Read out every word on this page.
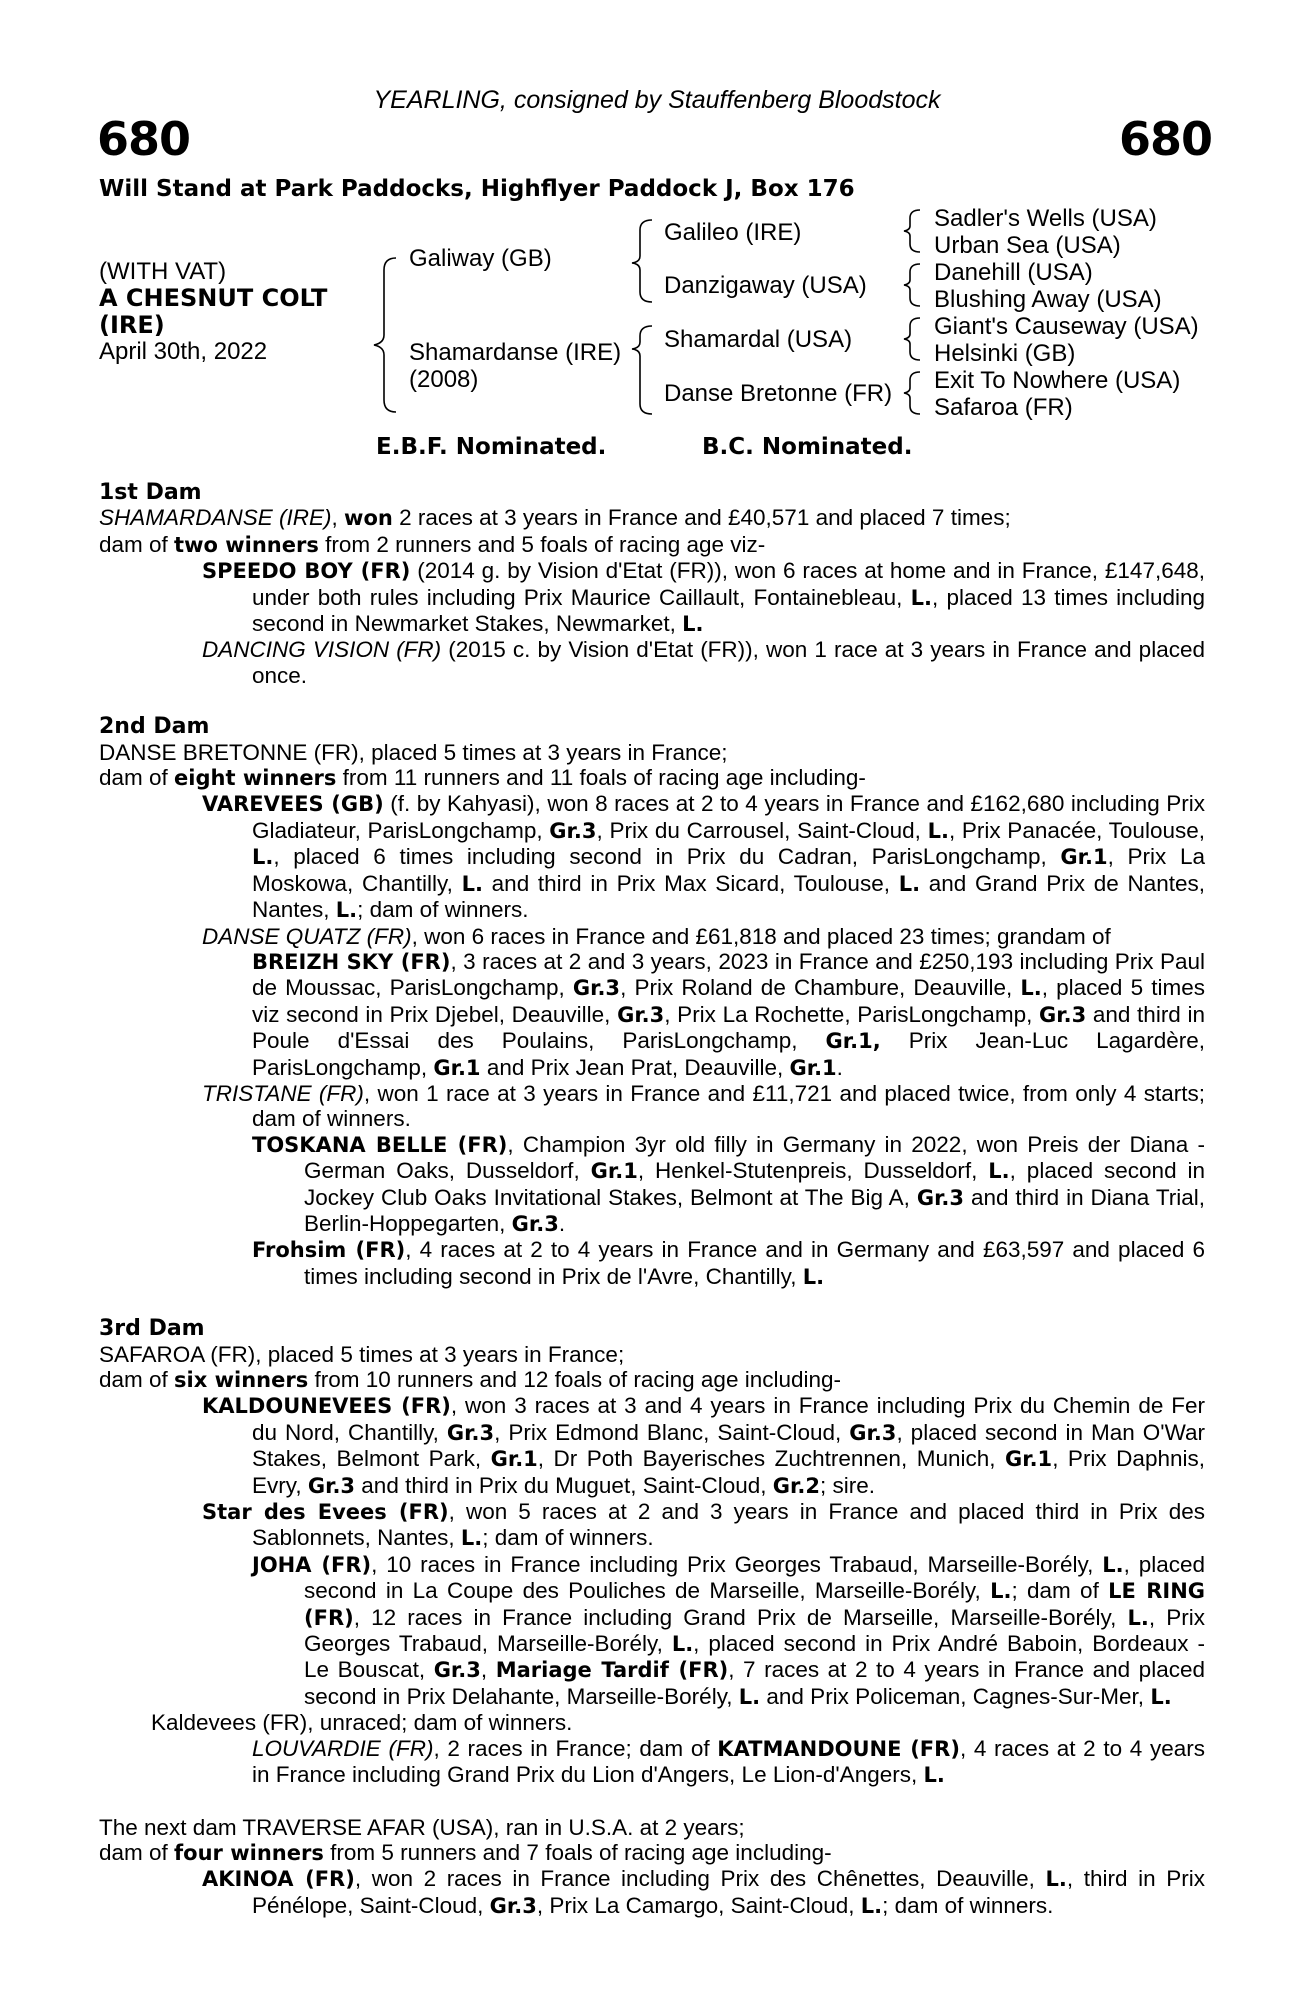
YEARLING, consigned by Stauffenberg Bloodstock
680	680
Will Stand at Park Paddocks, Highflyer Paddock J, Box 176
(WITH VAT)
A CHESNUT COLT
(IRE)
April 30th, 2022
Galiway (GB)
Shamardanse (IRE)
(2008)
Galileo (IRE)
Danzigaway (USA)
Shamardal (USA)
Danse Bretonne (FR)
Sadler's Wells (USA)
Urban Sea (USA)
Danehill (USA)
Blushing Away (USA)
Giant's Causeway (USA)
Helsinki (GB)
Exit To Nowhere (USA)
Safaroa (FR)
E.B.F. Nominated.	B.C. Nominated.
1st Dam

SHAMARDANSE (IRE), won 2 races at 3 years in France and £40,571 and placed 7 times;

dam of two winners from 2 runners and 5 foals of racing age viz-

SPEEDO BOY (FR) (2014 g. by Vision d'Etat (FR)), won 6 races at home and in France, £147,648, under both rules including Prix Maurice Caillault, Fontainebleau, L., placed 13 times including second in Newmarket Stakes, Newmarket, L.

DANCING VISION (FR) (2015 c. by Vision d'Etat (FR)), won 1 race at 3 years in France and placed once.

2nd Dam

DANSE BRETONNE (FR), placed 5 times at 3 years in France;

dam of eight winners from 11 runners and 11 foals of racing age including-

VAREVEES (GB) (f. by Kahyasi), won 8 races at 2 to 4 years in France and £162,680 including Prix Gladiateur, ParisLongchamp, Gr.3, Prix du Carrousel, Saint-Cloud, L., Prix Panacée, Toulouse, L., placed 6 times including second in Prix du Cadran, ParisLongchamp, Gr.1, Prix La Moskowa, Chantilly, L. and third in Prix Max Sicard, Toulouse, L. and Grand Prix de Nantes, Nantes, L.; dam of winners.

DANSE QUATZ (FR), won 6 races in France and £61,818 and placed 23 times; grandam of

BREIZH SKY (FR), 3 races at 2 and 3 years, 2023 in France and £250,193 including Prix Paul de Moussac, ParisLongchamp, Gr.3, Prix Roland de Chambure, Deauville, L., placed 5 times viz second in Prix Djebel, Deauville, Gr.3, Prix La Rochette, ParisLongchamp, Gr.3 and third in Poule d'Essai des Poulains, ParisLongchamp, Gr.1, Prix Jean-Luc Lagardère, ParisLongchamp, Gr.1 and Prix Jean Prat, Deauville, Gr.1.

TRISTANE (FR), won 1 race at 3 years in France and £11,721 and placed twice, from only 4 starts; dam of winners.

TOSKANA BELLE (FR), Champion 3yr old filly in Germany in 2022, won Preis der Diana - German Oaks, Dusseldorf, Gr.1, Henkel-Stutenpreis, Dusseldorf, L., placed second in Jockey Club Oaks Invitational Stakes, Belmont at The Big A, Gr.3 and third in Diana Trial, Berlin-Hoppegarten, Gr.3.

Frohsim (FR), 4 races at 2 to 4 years in France and in Germany and £63,597 and placed 6 times including second in Prix de l'Avre, Chantilly, L.

3rd Dam

SAFAROA (FR), placed 5 times at 3 years in France;

dam of six winners from 10 runners and 12 foals of racing age including-

KALDOUNEVEES (FR), won 3 races at 3 and 4 years in France including Prix du Chemin de Fer du Nord, Chantilly, Gr.3, Prix Edmond Blanc, Saint-Cloud, Gr.3, placed second in Man O'War Stakes, Belmont Park, Gr.1, Dr Poth Bayerisches Zuchtrennen, Munich, Gr.1, Prix Daphnis, Evry, Gr.3 and third in Prix du Muguet, Saint-Cloud, Gr.2; sire.

Star des Evees (FR), won 5 races at 2 and 3 years in France and placed third in Prix des Sablonnets, Nantes, L.; dam of winners.

JOHA (FR), 10 races in France including Prix Georges Trabaud, Marseille-Borély, L., placed second in La Coupe des Pouliches de Marseille, Marseille-Borély, L.; dam of LE RING (FR), 12 races in France including Grand Prix de Marseille, Marseille-Borély, L., Prix Georges Trabaud, Marseille-Borély, L., placed second in Prix André Baboin, Bordeaux - Le Bouscat, Gr.3, Mariage Tardif (FR), 7 races at 2 to 4 years in France and placed second in Prix Delahante, Marseille-Borély, L. and Prix Policeman, Cagnes-Sur-Mer, L.

Kaldevees (FR), unraced; dam of winners.

LOUVARDIE (FR), 2 races in France; dam of KATMANDOUNE (FR), 4 races at 2 to 4 years in France including Grand Prix du Lion d'Angers, Le Lion-d'Angers, L.

The next dam TRAVERSE AFAR (USA), ran in U.S.A. at 2 years;

dam of four winners from 5 runners and 7 foals of racing age including-

AKINOA (FR), won 2 races in France including Prix des Chênettes, Deauville, L., third in Prix Pénélope, Saint-Cloud, Gr.3, Prix La Camargo, Saint-Cloud, L.; dam of winners.
